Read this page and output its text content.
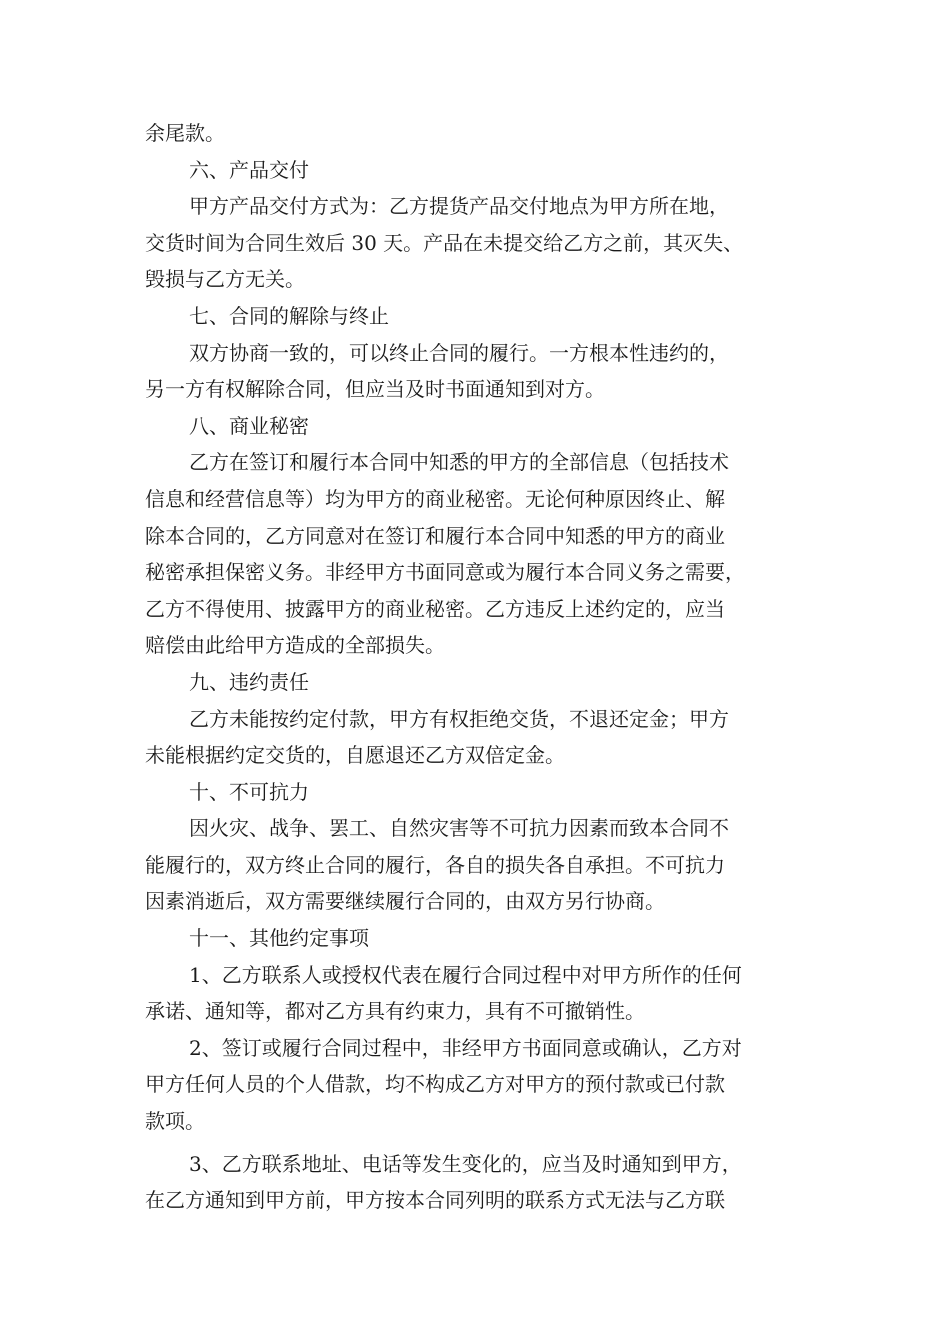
余尾款。
六、产品交付
甲方产品交付方式为：乙方提货产品交付地点为甲方所在地，
交货时间为合同生效后 30 天。产品在未提交给乙方之前，其灭失、
毁损与乙方无关。
七、合同的解除与终止
双方协商一致的，可以终止合同的履行。一方根本性违约的，
另一方有权解除合同，但应当及时书面通知到对方。
八、商业秘密
乙方在签订和履行本合同中知悉的甲方的全部信息（包括技术
信息和经营信息等）均为甲方的商业秘密。无论何种原因终止、解
除本合同的，乙方同意对在签订和履行本合同中知悉的甲方的商业
秘密承担保密义务。非经甲方书面同意或为履行本合同义务之需要，
乙方不得使用、披露甲方的商业秘密。乙方违反上述约定的，应当
赔偿由此给甲方造成的全部损失。
九、违约责任
乙方未能按约定付款，甲方有权拒绝交货，不退还定金；甲方
未能根据约定交货的，自愿退还乙方双倍定金。
十、不可抗力
因火灾、战争、罢工、自然灾害等不可抗力因素而致本合同不
能履行的，双方终止合同的履行，各自的损失各自承担。不可抗力
因素消逝后，双方需要继续履行合同的，由双方另行协商。
十一、其他约定事项
1、乙方联系人或授权代表在履行合同过程中对甲方所作的任何
承诺、通知等，都对乙方具有约束力，具有不可撤销性。
2、签订或履行合同过程中，非经甲方书面同意或确认，乙方对
甲方任何人员的个人借款，均不构成乙方对甲方的预付款或已付款
款项。
3、乙方联系地址、电话等发生变化的，应当及时通知到甲方，
在乙方通知到甲方前，甲方按本合同列明的联系方式无法与乙方联
